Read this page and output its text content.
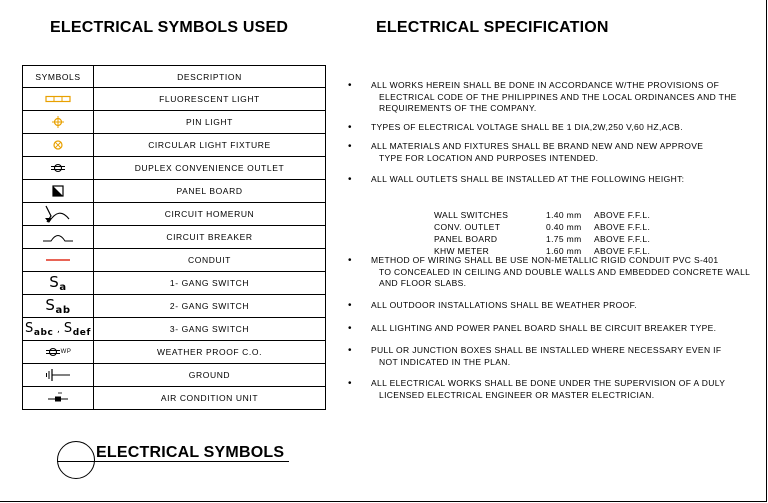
ELECTRICAL SYMBOLS USED	ELECTRICAL SPECIFICATION
SYMBOLS	DESCRIPTION

	FLUORESCENT LIGHT

	PIN LIGHT

	CIRCULAR LIGHT FIXTURE

	DUPLEX CONVENIENCE OUTLET

	PANEL BOARD

	CIRCUIT HOMERUN

	CIRCUIT BREAKER

	CONDUIT
Sa	1- GANG SWITCH
Sab	2- GANG SWITCH
Sabc , Sdef	3- GANG SWITCH
$^{WP}$	WEATHER PROOF C.O.

	GROUND

	AIR CONDITION UNIT
• ALL WORKS HEREIN SHALL BE DONE IN ACCORDANCE W/THE PROVISIONS OF
ELECTRICAL CODE OF THE PHILIPPINES AND THE LOCAL ORDINANCES AND THE REQUIREMENTS OF THE COMPANY.
• TYPES OF ELECTRICAL VOLTAGE SHALL BE 1 DIA,2W,250 V,60 HZ,ACB.
• ALL MATERIALS AND FIXTURES SHALL BE BRAND NEW AND NEW APPROVE
TYPE FOR LOCATION AND PURPOSES INTENDED.
• ALL WALL OUTLETS SHALL BE INSTALLED AT THE FOLLOWING HEIGHT:
• METHOD OF WIRING SHALL BE USE NON-METALLIC RIGID CONDUIT PVC S-401
TO CONCEALED IN CEILING AND DOUBLE WALLS AND EMBEDDED CONCRETE WALL AND FLOOR SLABS.
• ALL OUTDOOR INSTALLATIONS SHALL BE WEATHER PROOF.
• ALL LIGHTING AND POWER PANEL BOARD SHALL BE CIRCUIT BREAKER TYPE.
• PULL OR JUNCTION BOXES SHALL BE INSTALLED WHERE NECESSARY EVEN IF
NOT INDICATED IN THE PLAN.
• ALL ELECTRICAL WORKS SHALL BE DONE UNDER THE SUPERVISION OF A DULY
LICENSED ELECTRICAL ENGINEER OR MASTER ELECTRICIAN.
WALL SWITCHES	1.40 mm	ABOVE F.F.L.
CONV. OUTLET	0.40 mm	ABOVE F.F.L.
PANEL BOARD	1.75 mm	ABOVE F.F.L.
KHW METER	1.60 mm	ABOVE F.F.L.
ELECTRICAL SYMBOLS
